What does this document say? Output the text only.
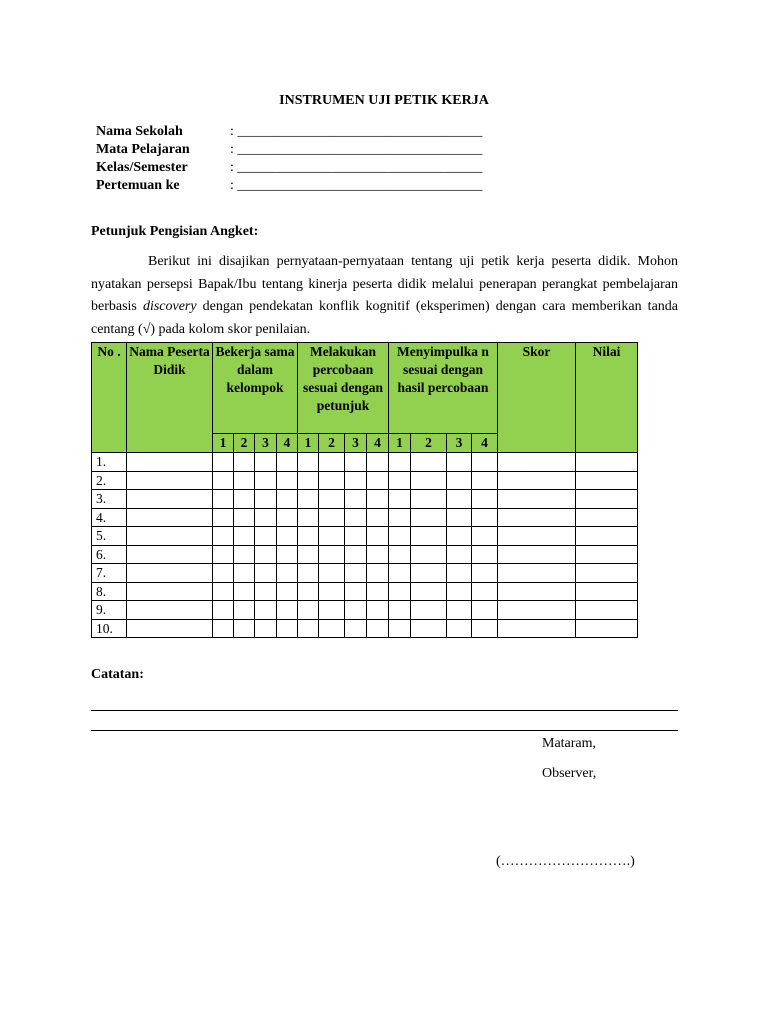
INSTRUMEN UJI PETIK KERJA
Nama Sekolah	: ___________________________________
Mata Pelajaran	: ___________________________________
Kelas/Semester	: ___________________________________
Pertemuan ke	: ___________________________________
Petunjuk Pengisian Angket:
Berikut ini disajikan pernyataan-pernyataan tentang uji petik kerja peserta didik. Mohon nyatakan persepsi Bapak/Ibu tentang kinerja peserta didik melalui penerapan perangkat pembelajaran berbasis discovery dengan pendekatan konflik kognitif (eksperimen) dengan cara memberikan tanda centang (√) pada kolom skor penilaian.
No .	Nama Peserta Didik	Bekerja sama dalam kelompok				Melakukan percobaan sesuai dengan petunjuk				Menyimpulka n sesuai dengan hasil percobaan				Skor	Nilai
		1	2	3	4	1	2	3	4	1	2	3	4		
1.															
2.															
3.															
4.															
5.															
6.															
7.															
8.															
9.															
10.															
Catatan:
Mataram,
Observer,
(……………………….)
